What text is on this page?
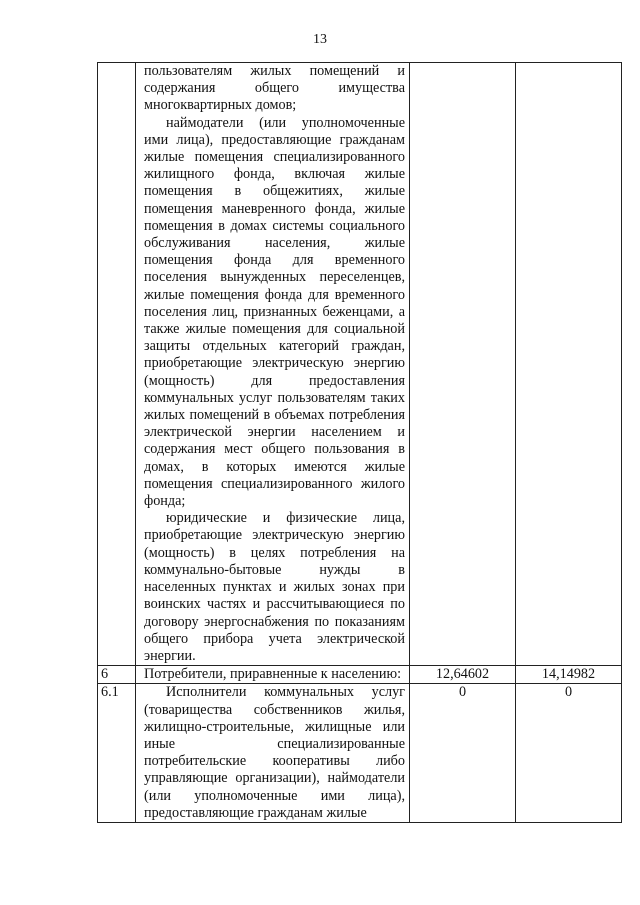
13

	пользователям жилых помещений и содержания общего имущества многоквартирных домов;

наймодатели (или уполномоченные ими лица), предоставляющие гражданам жилые помещения специализированного жилищного фонда, включая жилые помещения в общежитиях, жилые помещения маневренного фонда, жилые помещения в домах системы социального обслуживания населения, жилые помещения фонда для временного поселения вынужденных переселенцев, жилые помещения фонда для временного поселения лиц, признанных беженцами, а также жилые помещения для социальной защиты отдельных категорий граждан, приобретающие электрическую энергию (мощность) для предоставления коммунальных услуг пользователям таких жилых помещений в объемах потребления электрической энергии населением и содержания мест общего пользования в домах, в которых имеются жилые помещения специализированного жилого фонда;

юридические и физические лица, приобретающие электрическую энергию (мощность) в целях потребления на коммунально-бытовые нужды в населенных пунктах и жилых зонах при воинских частях и рассчитывающиеся по договору энергоснабжения по показаниям общего прибора учета электрической энергии.		

6	Потребители, приравненные к населению:	12,64602	14,14982

6.1	Исполнители коммунальных услуг (товарищества собственников жилья, жилищно-строительные, жилищные или иные специализированные потребительские кооперативы либо управляющие организации), наймодатели (или уполномоченные ими лица), предоставляющие гражданам жилые	0	0
